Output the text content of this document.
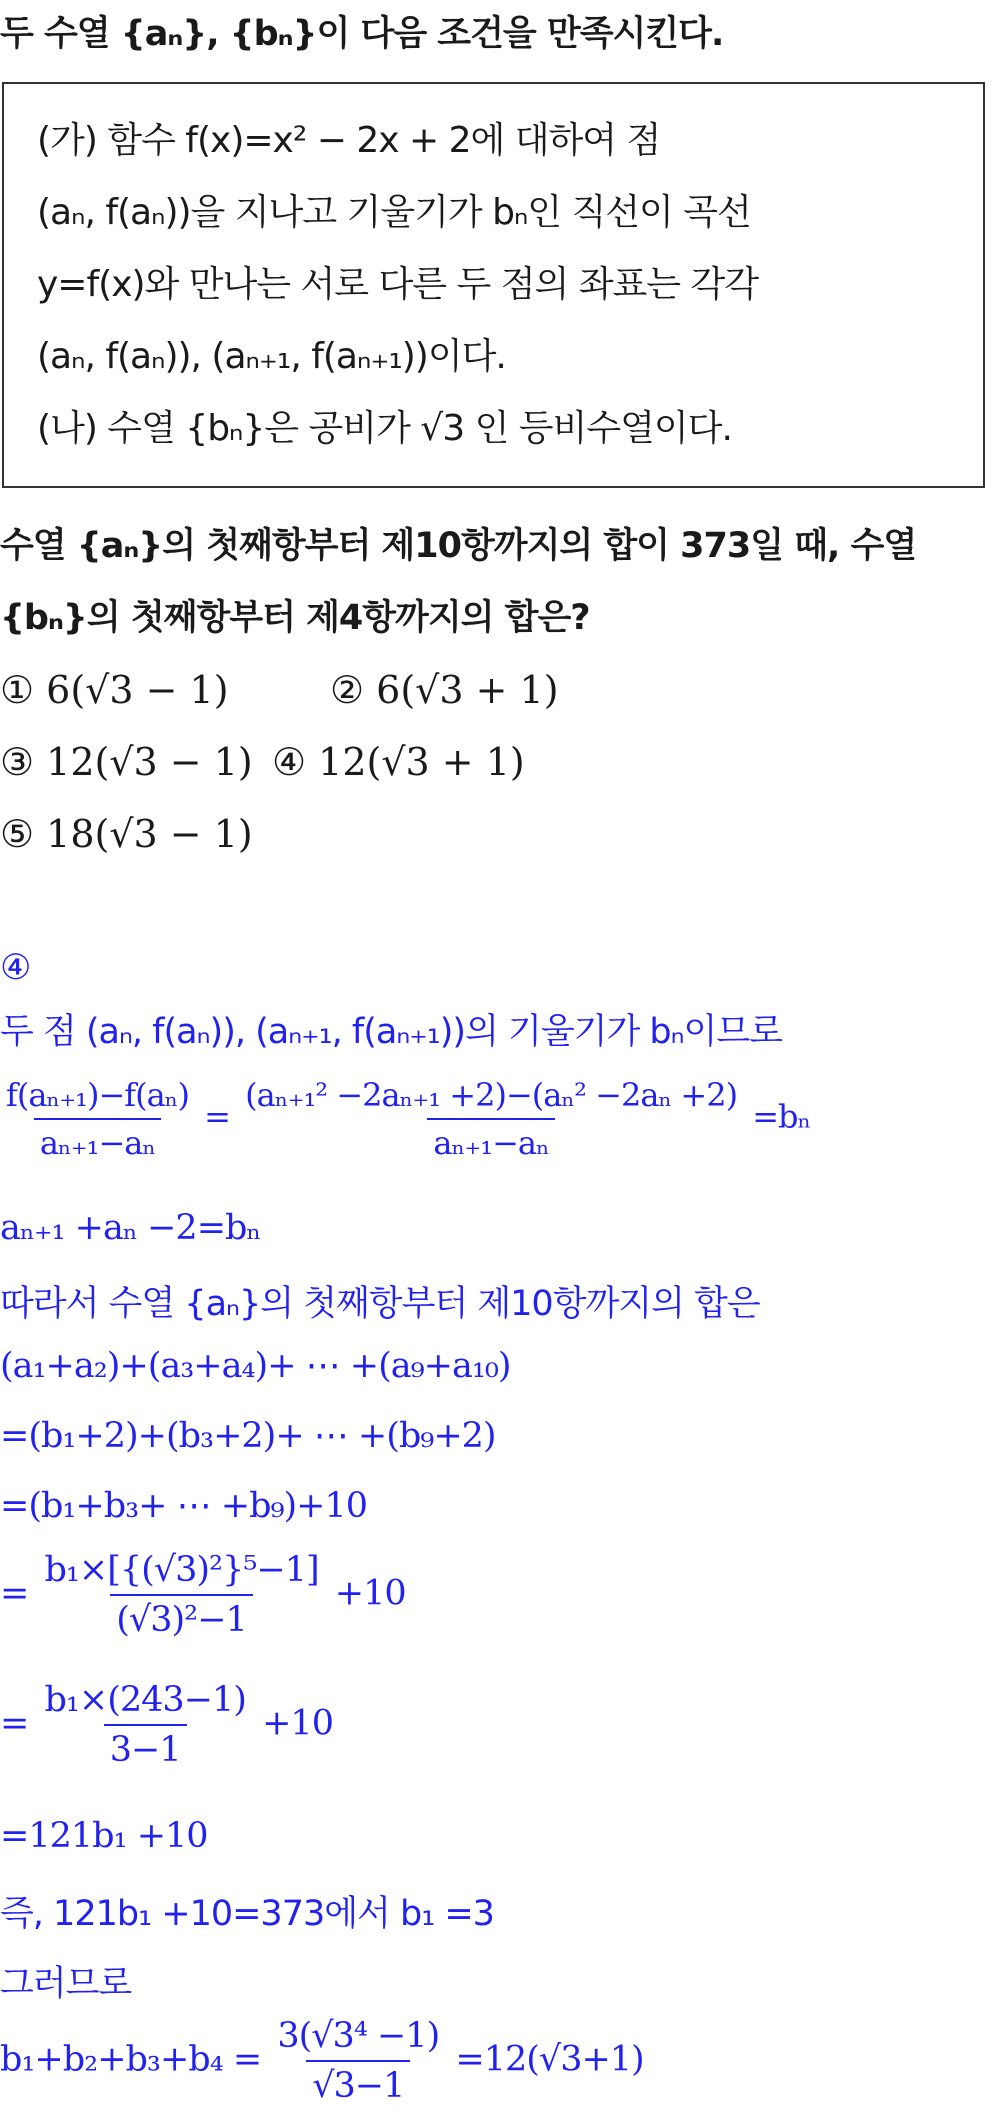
두 수열 {aₙ}, {bₙ}이 다음 조건을 만족시킨다.
(가) 함수 f(x)=x² − 2x + 2에 대하여 점
(aₙ, f(aₙ))을 지나고 기울기가 bₙ인 직선이 곡선
y=f(x)와 만나는 서로 다른 두 점의 좌표는 각각
(aₙ, f(aₙ)), (aₙ₊₁, f(aₙ₊₁))이다.
(나) 수열 {bₙ}은 공비가 √3 인 등비수열이다.
수열 {aₙ}의 첫째항부터 제10항까지의 합이 373일 때, 수열
{bₙ}의 첫째항부터 제4항까지의 합은?
① 6(√3 − 1)	② 6(√3 + 1)
③ 12(√3 − 1) ④ 12(√3 + 1)
⑤ 18(√3 − 1)
④
두 점 (aₙ, f(aₙ)), (aₙ₊₁, f(aₙ₊₁))의 기울기가 bₙ이므로
$\frac{\text{f(aₙ₊₁)−f(aₙ)}}{\text{aₙ₊₁−aₙ}} = \frac{\text{(aₙ₊₁² −2aₙ₊₁ +2)−(aₙ² −2aₙ +2)}}{\text{aₙ₊₁−aₙ}} =b_n$
aₙ₊₁ +aₙ −2=bₙ
따라서 수열 {aₙ}의 첫째항부터 제10항까지의 합은
(a₁+a₂)+(a₃+a₄)+ ⋯ +(a₉+a₁₀)
=(b₁+2)+(b₃+2)+ ⋯ +(b₉+2)
=(b₁+b₃+ ⋯ +b₉)+10
= $\frac{\text{b₁×[\{(√3)²\}⁵−1]}}{\text{(√3)²−1}} +10$
= $\frac{\text{b₁×(243−1)}}{3-1} +10$
=121b₁ +10
즉, 121b₁ +10=373에서 b₁ =3
그러므로
$b_1+b_2+b_3+b_4 = \frac{\text{3(√3⁴ −1)}}{√3-1} =12(√3+1)$
